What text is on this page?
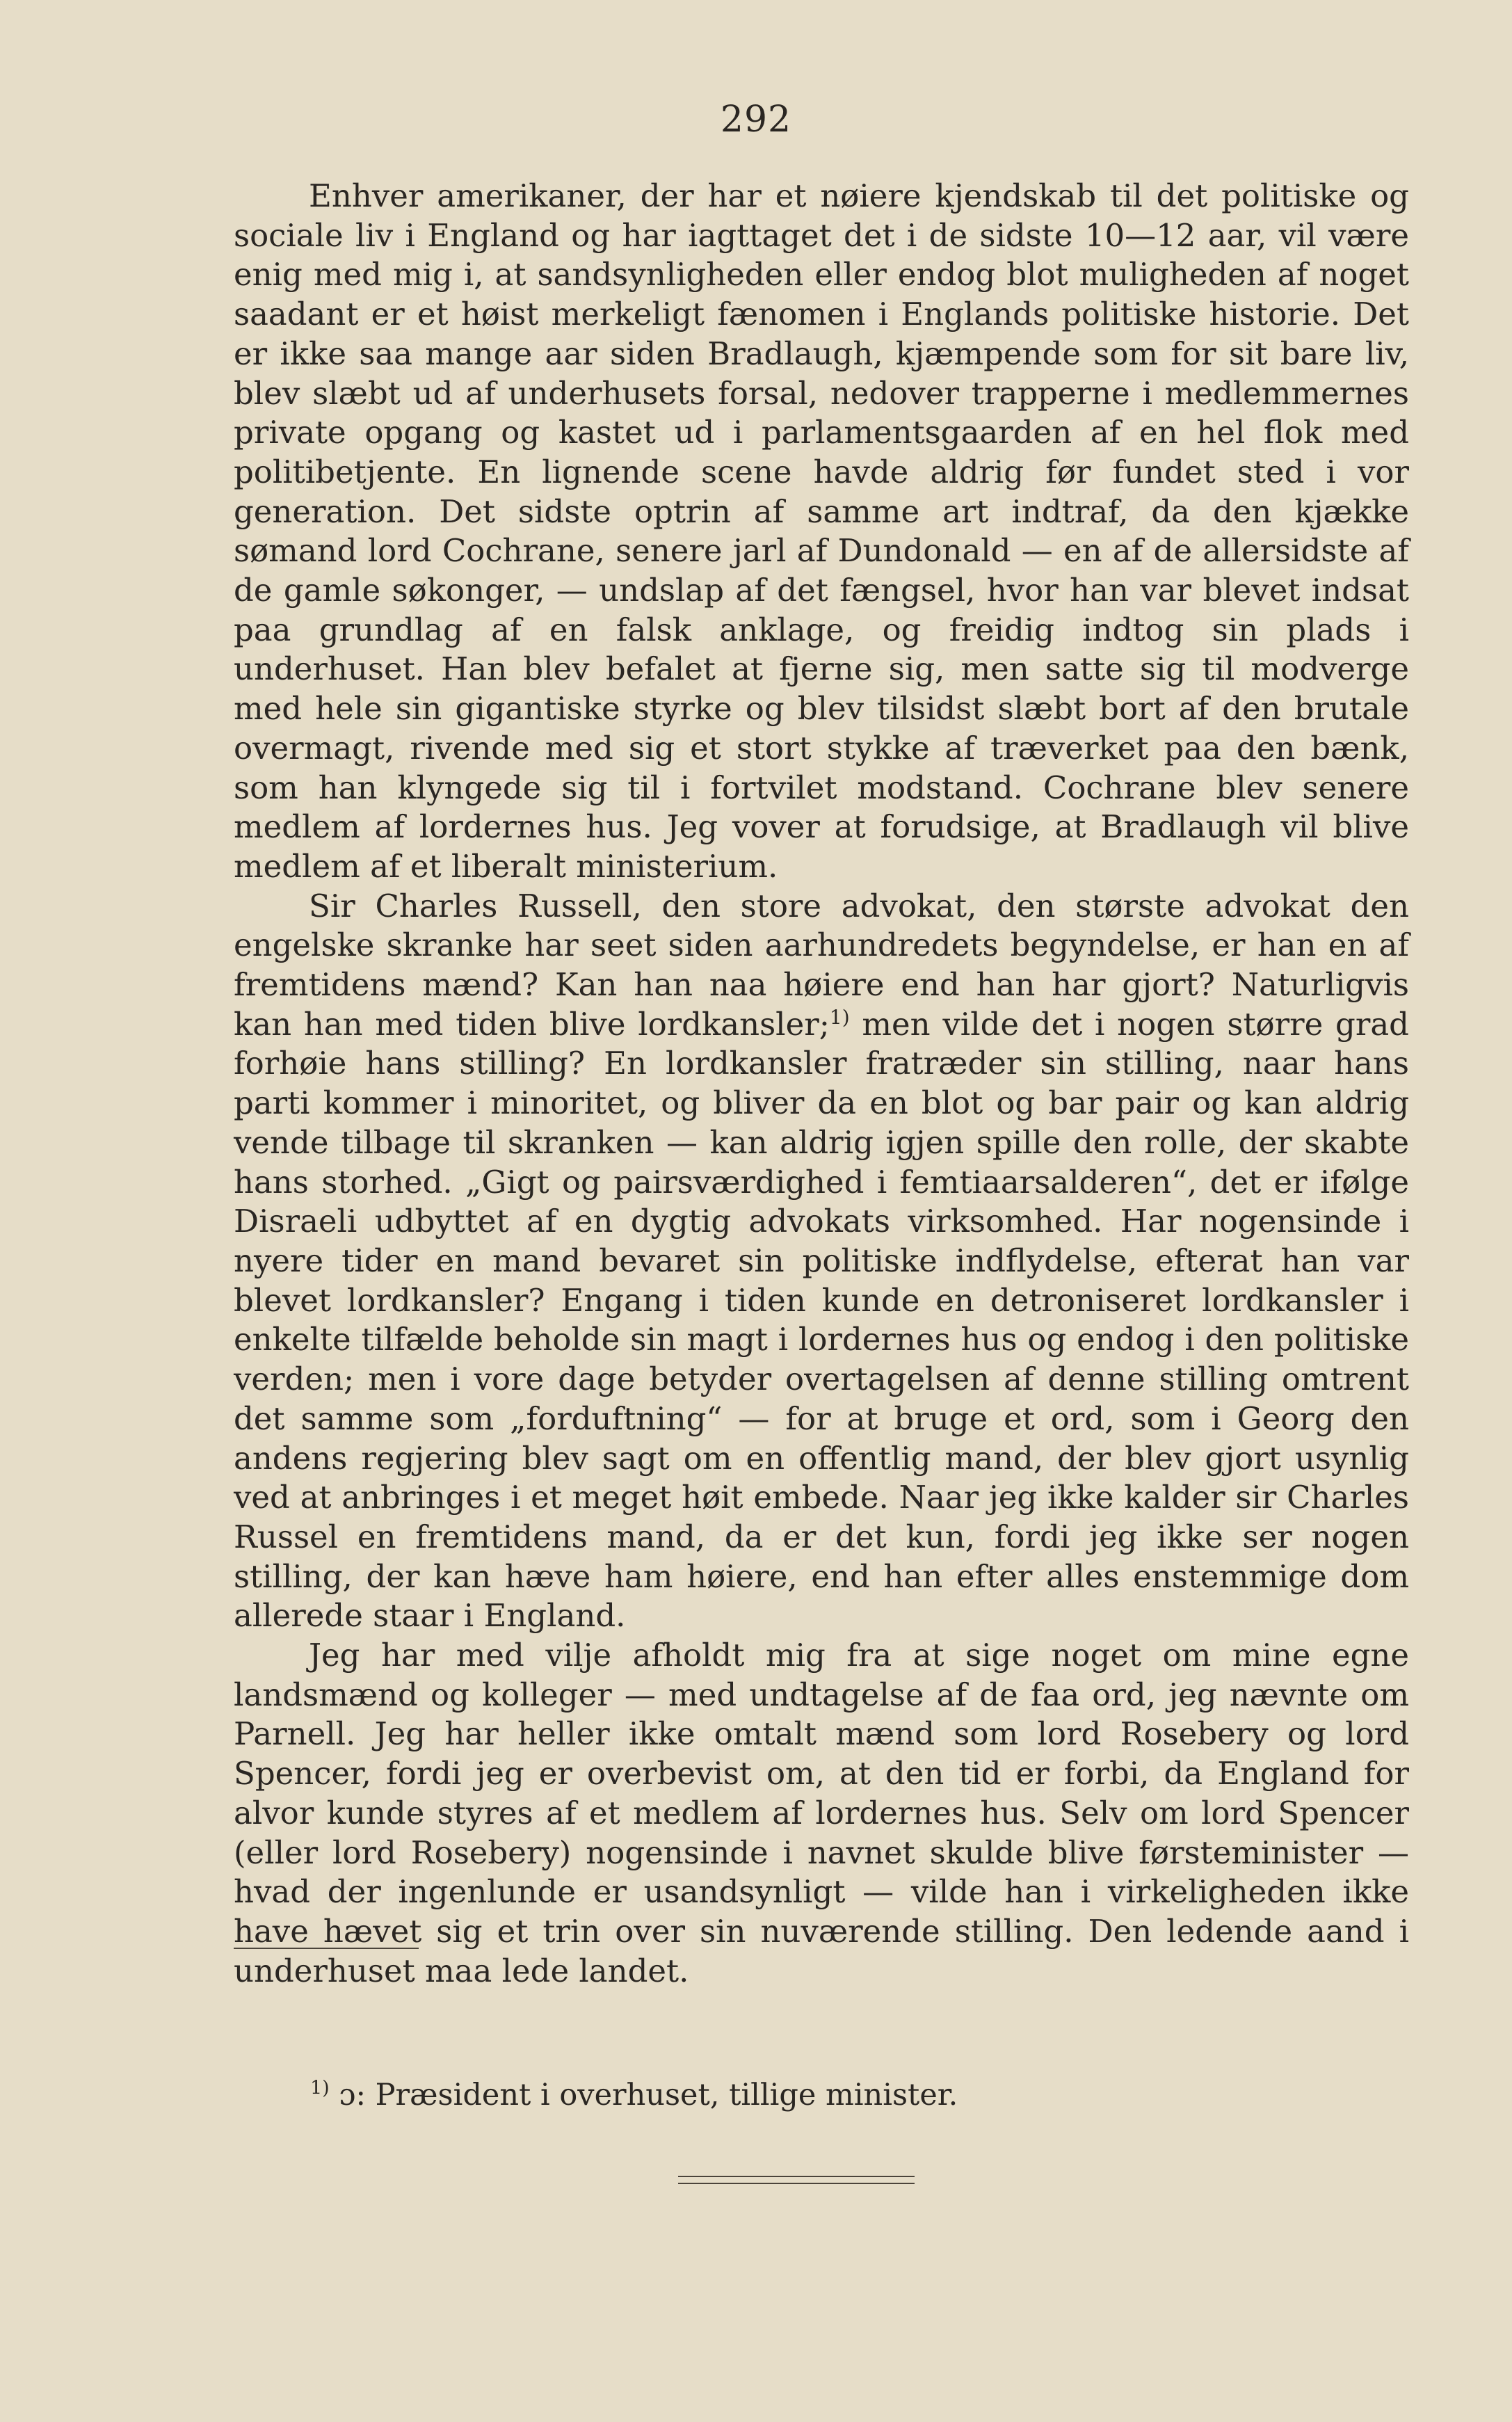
292

Enhver amerikaner, der har et nøiere kjendskab til det politiske og sociale liv i England og har iagttaget det i de sidste 10—12 aar, vil være enig med mig i, at sandsynligheden eller endog blot muligheden af noget saadant er et høist merkeligt fænomen i Englands politiske historie. Det er ikke saa mange aar siden Bradlaugh, kjæmpende som for sit bare liv, blev slæbt ud af underhusets forsal, nedover trapperne i medlemmernes private opgang og kastet ud i parlamentsgaarden af en hel flok med politibetjente. En lignende scene havde aldrig før fundet sted i vor generation. Det sidste optrin af samme art indtraf, da den kjække sømand lord Cochrane, senere jarl af Dundonald — en af de allersidste af de gamle søkonger, — undslap af det fængsel, hvor han var blevet indsat paa grundlag af en falsk anklage, og freidig indtog sin plads i underhuset. Han blev befalet at fjerne sig, men satte sig til modverge med hele sin gigantiske styrke og blev tilsidst slæbt bort af den brutale overmagt, rivende med sig et stort stykke af træverket paa den bænk, som han klyngede sig til i fortvilet modstand. Cochrane blev senere medlem af lordernes hus. Jeg vover at forudsige, at Bradlaugh vil blive medlem af et liberalt ministerium.

Sir Charles Russell, den store advokat, den største advokat den engelske skranke har seet siden aarhundredets begyndelse, er han en af fremtidens mænd? Kan han naa høiere end han har gjort? Naturligvis kan han med tiden blive lordkansler;$^{1)}$ men vilde det i nogen større grad forhøie hans stilling? En lordkansler fratræder sin stilling, naar hans parti kommer i minoritet, og bliver da en blot og bar pair og kan aldrig vende tilbage til skranken — kan aldrig igjen spille den rolle, der skabte hans storhed. „Gigt og pairsværdighed i femtiaarsalderen“, det er ifølge Disraeli udbyttet af en dygtig advokats virksomhed. Har nogensinde i nyere tider en mand bevaret sin politiske indflydelse, efterat han var blevet lordkansler? Engang i tiden kunde en detroniseret lordkansler i enkelte tilfælde beholde sin magt i lordernes hus og endog i den politiske verden; men i vore dage betyder overtagelsen af denne stilling omtrent det samme som „forduftning“ — for at bruge et ord, som i Georg den andens regjering blev sagt om en offentlig mand, der blev gjort usynlig ved at anbringes i et meget høit embede. Naar jeg ikke kalder sir Charles Russel en fremtidens mand, da er det kun, fordi jeg ikke ser nogen stilling, der kan hæve ham høiere, end han efter alles enstemmige dom allerede staar i England.

Jeg har med vilje afholdt mig fra at sige noget om mine egne landsmænd og kolleger — med undtagelse af de faa ord, jeg nævnte om Parnell. Jeg har heller ikke omtalt mænd som lord Rosebery og lord Spencer, fordi jeg er overbevist om, at den tid er forbi, da England for alvor kunde styres af et medlem af lordernes hus. Selv om lord Spencer (eller lord Rosebery) nogensinde i navnet skulde blive førsteminister — hvad der ingenlunde er usandsynligt — vilde han i virkeligheden ikke have hævet sig et trin over sin nuværende stilling. Den ledende aand i underhuset maa lede landet.

$^{1)}$ ɔ: Præsident i overhuset, tillige minister.
